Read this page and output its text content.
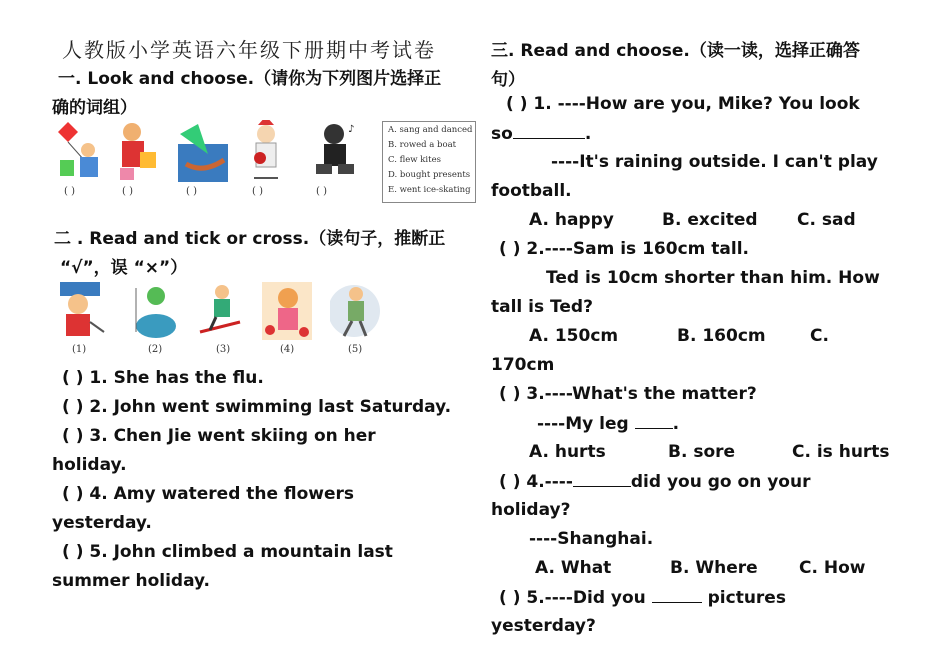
人教版小学英语六年级下册期中考试卷
一. Look and choose.（请你为下列图片选择正
确的词组）
♪
( )	( )	( )	( )	( )
A. sang and danced
B. rowed a boat
C. flew kites
D. bought presents
E. went ice-skating
二 . Read and tick or cross.（读句子，推断正
“√”，误 “×”）
(1)	(2)	(3)	(4)	(5)
( ) 1. She has the flu.
( ) 2. John went swimming last Saturday.
( ) 3. Chen Jie went skiing on her
holiday.
( ) 4. Amy watered the flowers
yesterday.
( ) 5. John climbed a mountain last
summer holiday.
三. Read and choose.（读一读，选择正确答
句）
( ) 1. ----How are you, Mike? You look
so	.
----It's raining outside. I can't play
football.
A. happy	B. excited C. sad
( ) 2.----Sam is 160cm tall.
Ted is 10cm shorter than him. How
tall is Ted?
A. 150cm	B. 160cm	C.
170cm
( ) 3.----What's the matter?
----My leg	.
A. hurts	B. sore	C. is hurts
( ) 4.----	did you go on your
holiday?
----Shanghai.
A. What	B. Where C. How
( ) 5.----Did you	pictures
yesterday?
